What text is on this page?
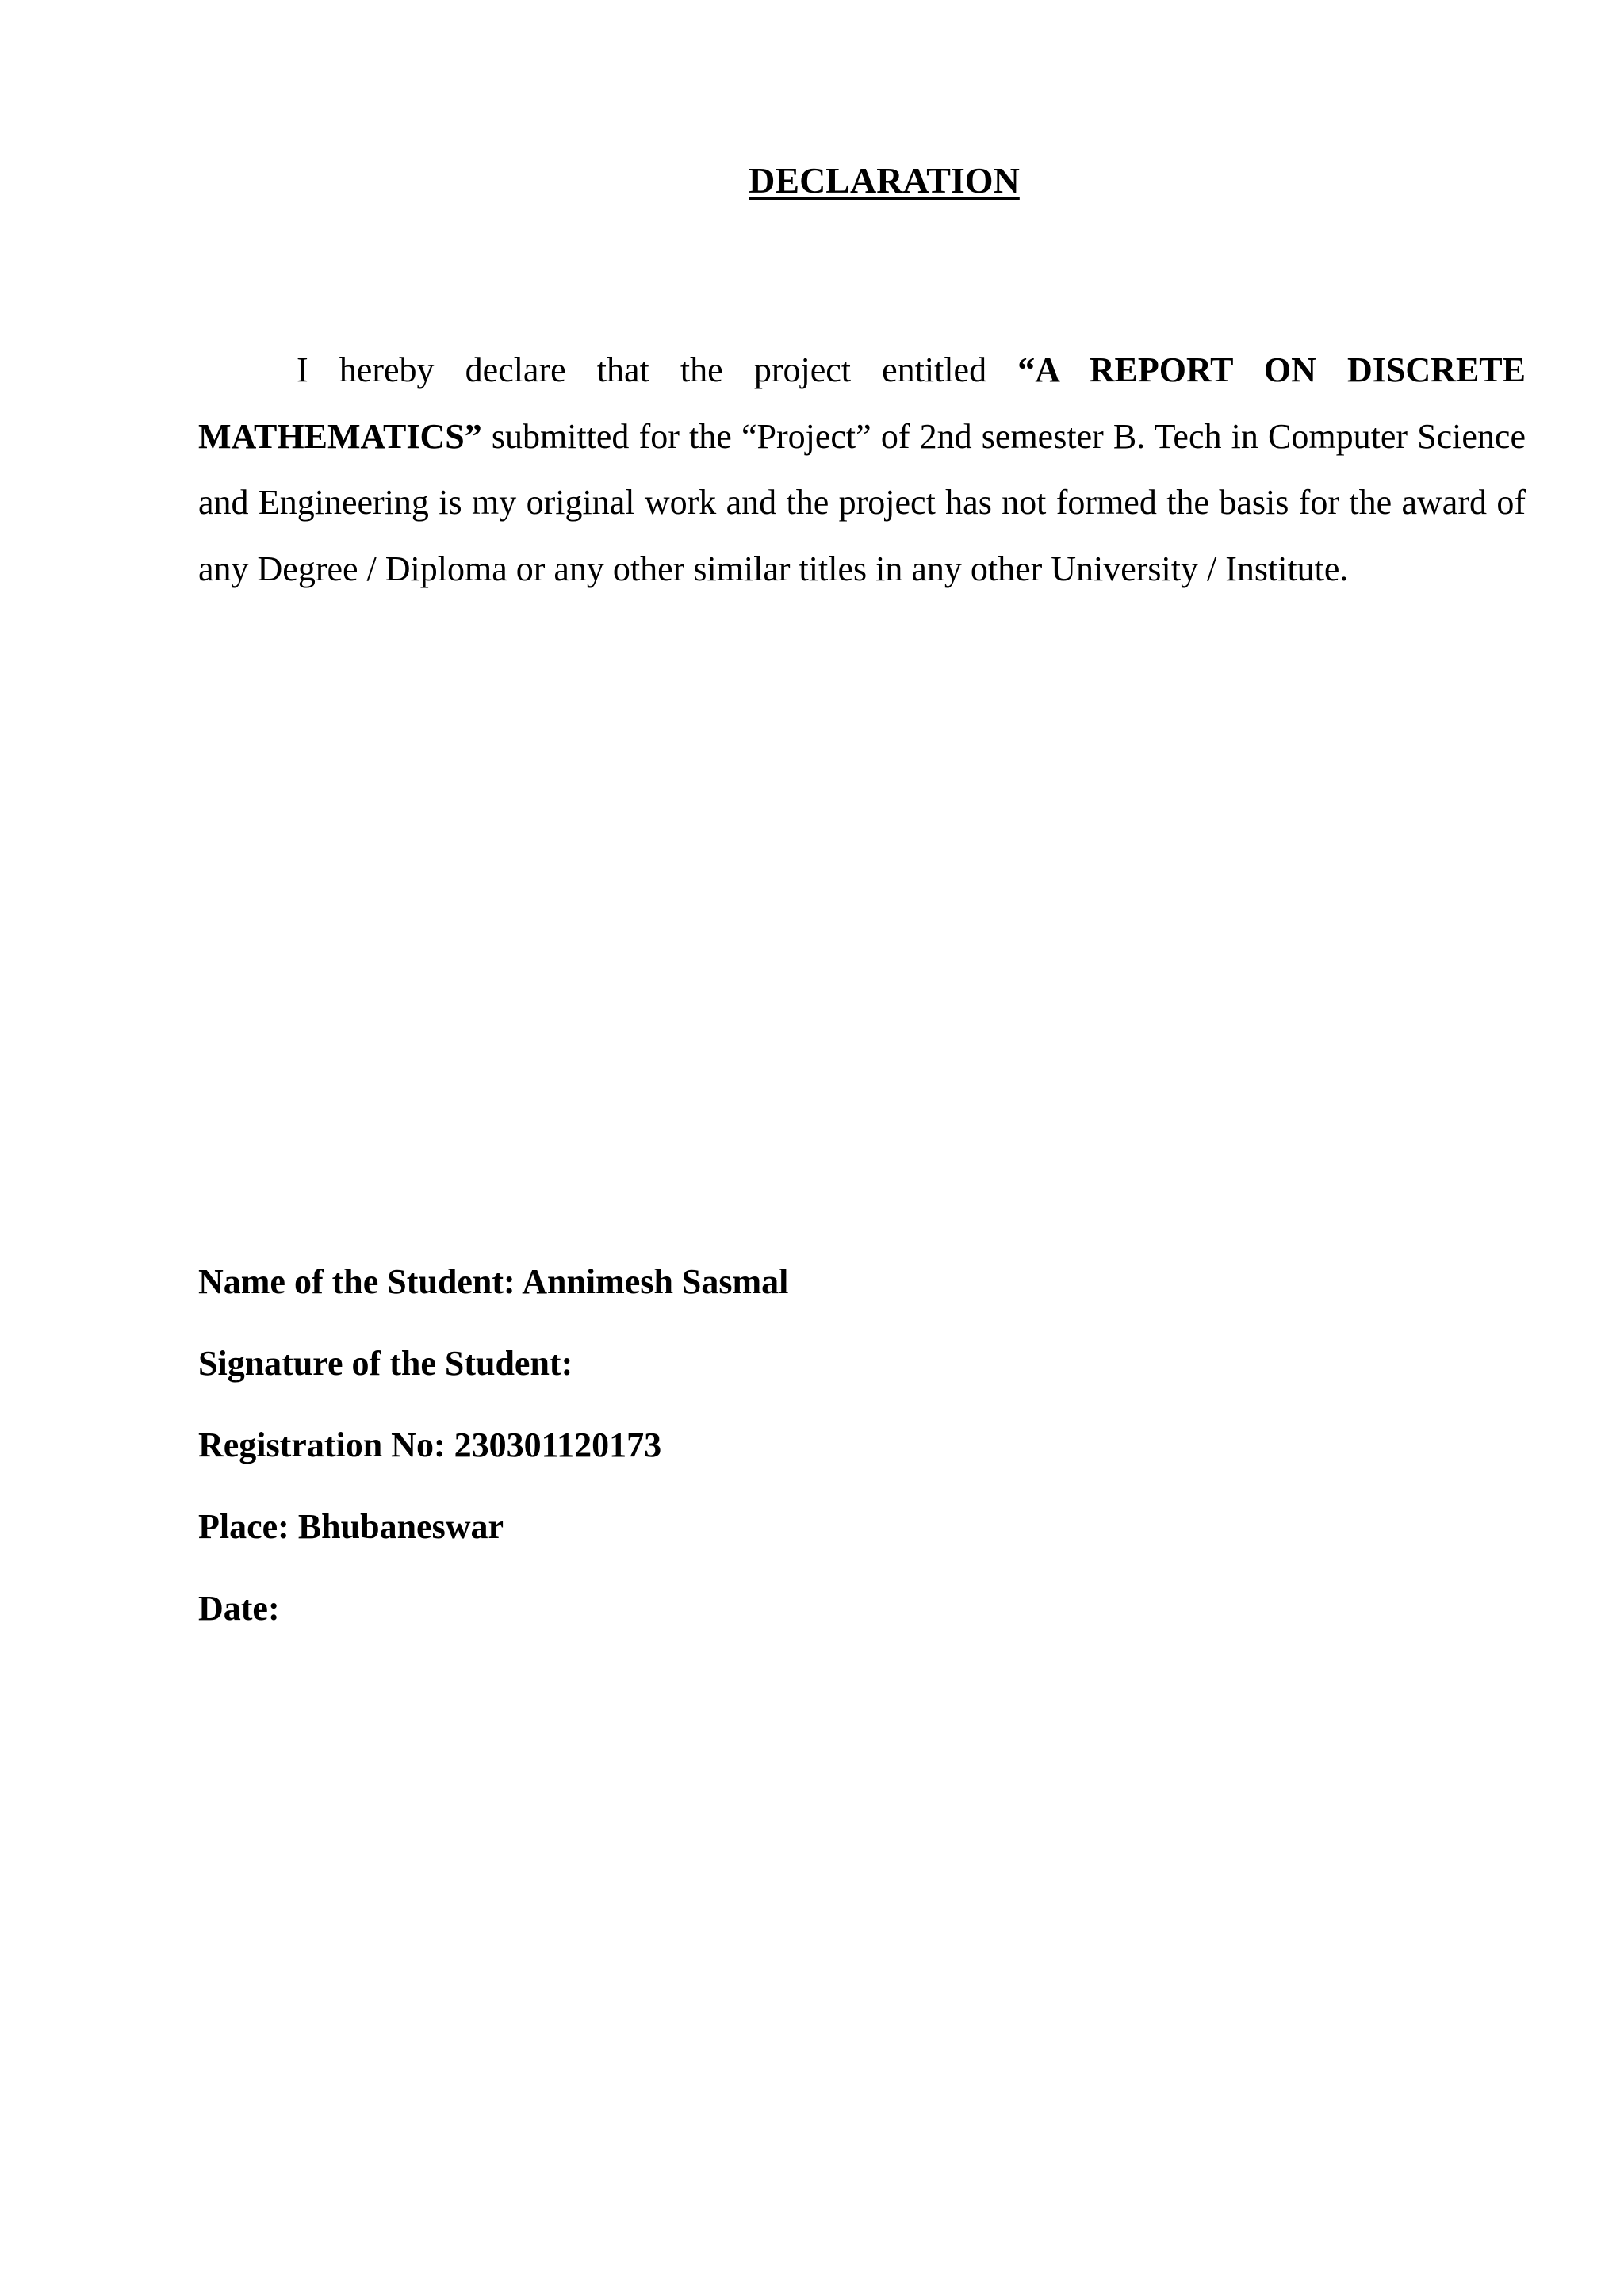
DECLARATION

I hereby declare that the project entitled “A REPORT ON DISCRETE MATHEMATICS” submitted for the “Project” of 2nd semester B. Tech in Computer Science and Engineering is my original work and the project has not formed the basis for the award of any Degree / Diploma or any other similar titles in any other University / Institute.

Name of the Student: Annimesh Sasmal
Signature of the Student:
Registration No: 230301120173
Place: Bhubaneswar
Date:
